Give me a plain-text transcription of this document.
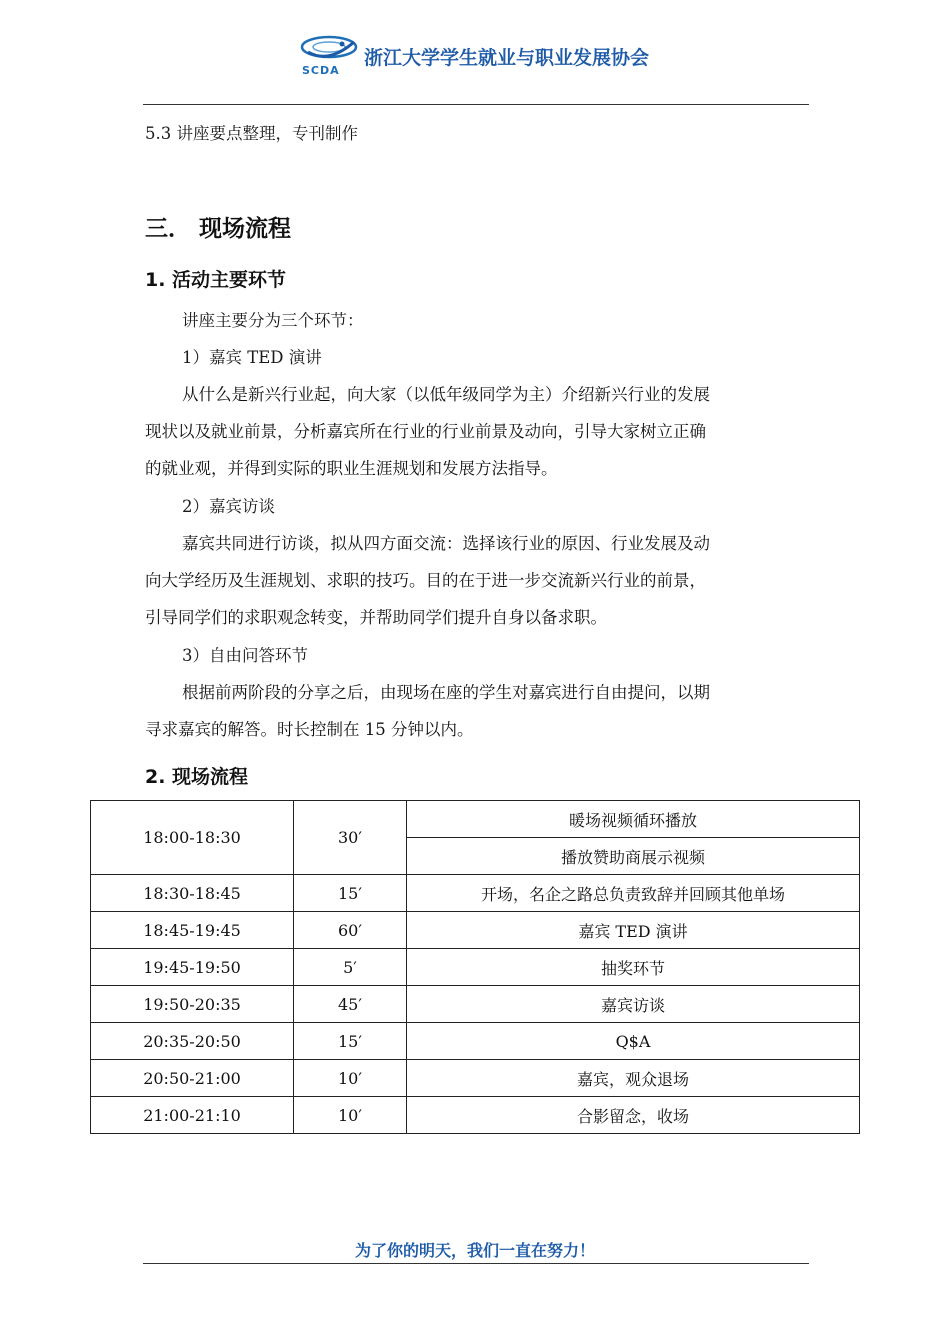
SCDA
浙江大学学生就业与职业发展协会
5.3 讲座要点整理，专刊制作
三． 现场流程
1. 活动主要环节
讲座主要分为三个环节：
1）嘉宾 TED 演讲
从什么是新兴行业起，向大家（以低年级同学为主）介绍新兴行业的发展
现状以及就业前景，分析嘉宾所在行业的行业前景及动向，引导大家树立正确
的就业观，并得到实际的职业生涯规划和发展方法指导。
2）嘉宾访谈
嘉宾共同进行访谈，拟从四方面交流：选择该行业的原因、行业发展及动
向大学经历及生涯规划、求职的技巧。目的在于进一步交流新兴行业的前景，
引导同学们的求职观念转变，并帮助同学们提升自身以备求职。
3）自由问答环节
根据前两阶段的分享之后，由现场在座的学生对嘉宾进行自由提问，以期
寻求嘉宾的解答。时长控制在 15 分钟以内。
2. 现场流程
18:00-18:30	30′	暖场视频循环播放
		播放赞助商展示视频
18:30-18:45	15′	开场，名企之路总负责致辞并回顾其他单场
18:45-19:45	60′	嘉宾 TED 演讲
19:45-19:50	5′	抽奖环节
19:50-20:35	45′	嘉宾访谈
20:35-20:50	15′	Q$A
20:50-21:00	10′	嘉宾，观众退场
21:00-21:10	10′	合影留念，收场
为了你的明天，我们一直在努力！
